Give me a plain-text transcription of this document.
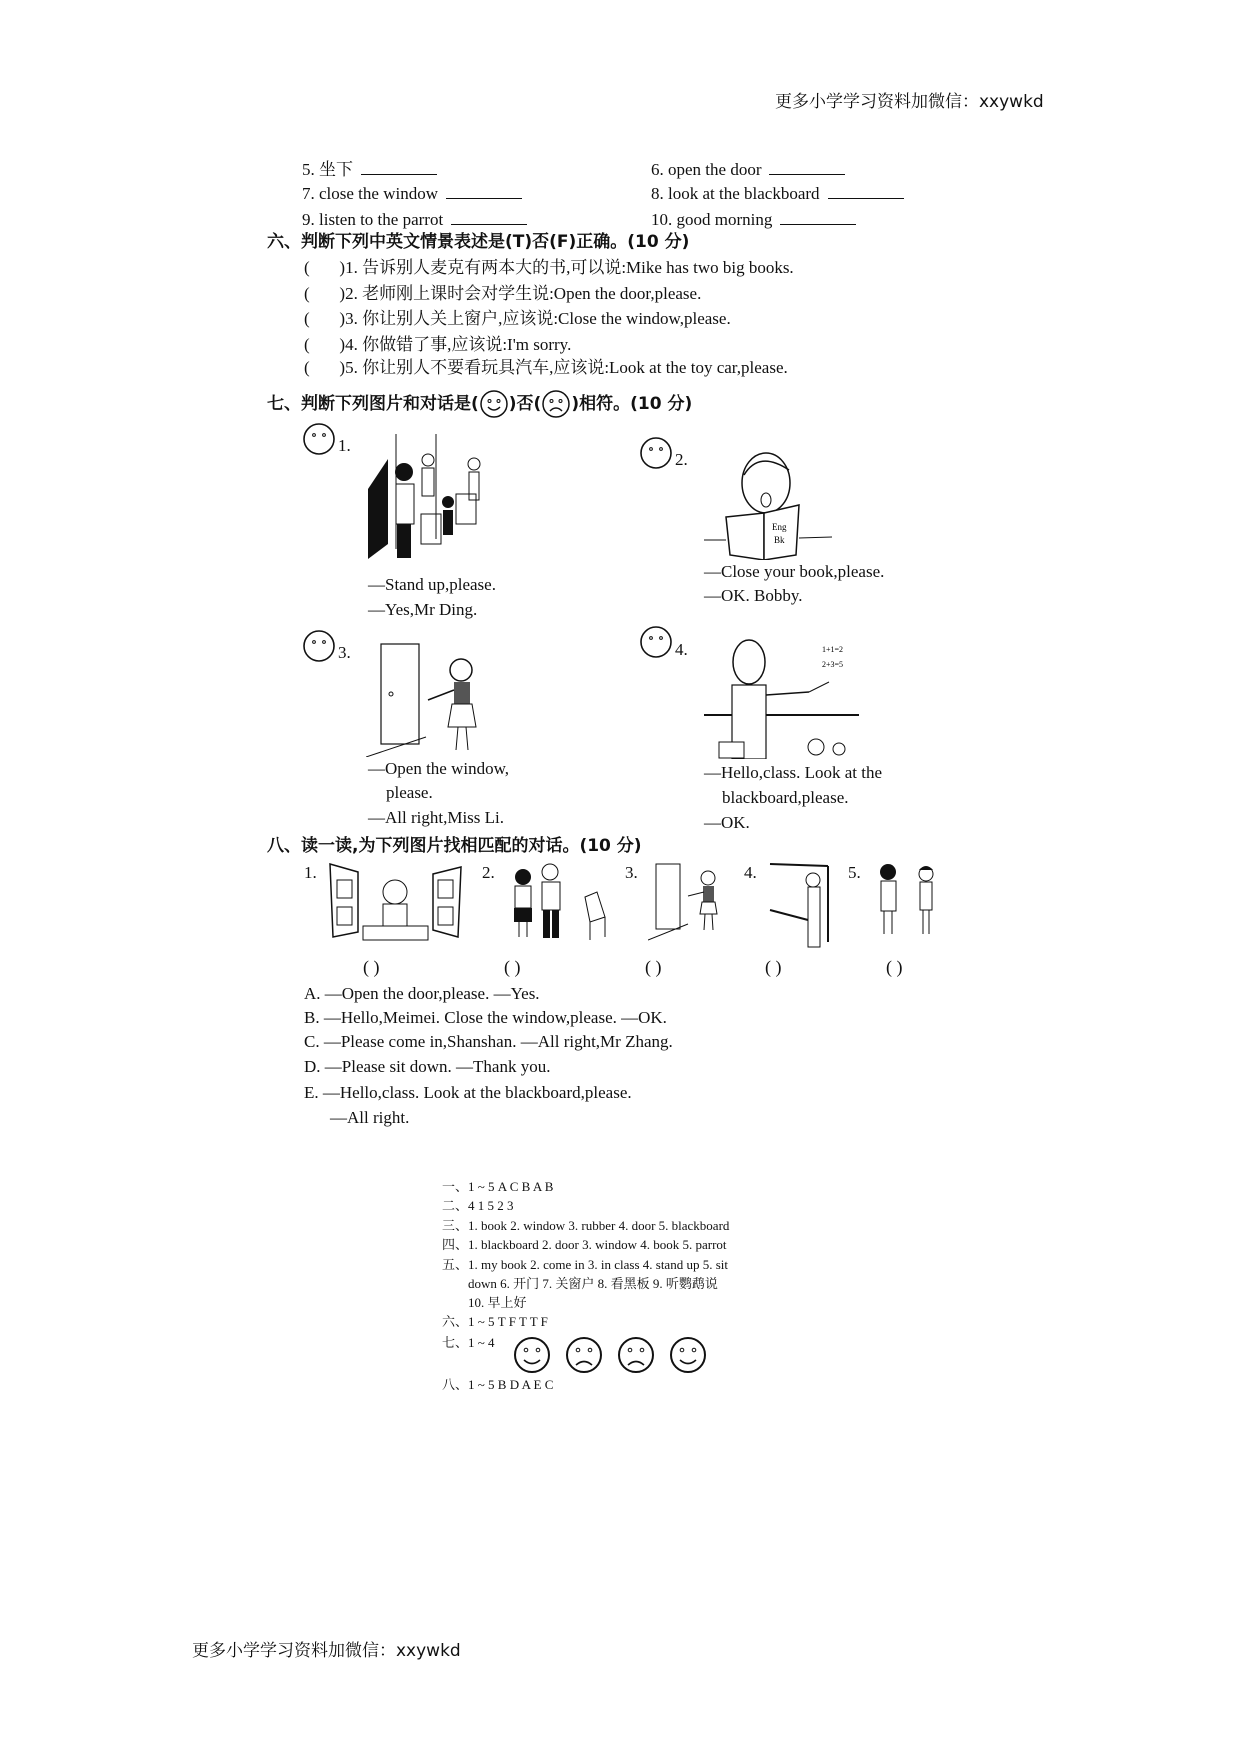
更多小学学习资料加微信：xxywkd
5. 坐下	6. open the door
7. close the window	8. look at the blackboard
9. listen to the parrot	10. good morning
六、判断下列中英文情景表述是(T)否(F)正确。(10 分)
(       )1. 告诉别人麦克有两本大的书,可以说:Mike has two big books.
(       )2. 老师刚上课时会对学生说:Open the door,please.
(       )3. 你让别人关上窗户,应该说:Close the window,please.
(       )4. 你做错了事,应该说:I'm sorry.
(       )5. 你让别人不要看玩具汽车,应该说:Look at the toy car,please.
七、判断下列图片和对话是( )否( )相符。(10 分)
1.
—Stand up,please.
—Yes,Mr Ding.
2.
Eng
Bk
—Close your book,please.
—OK. Bobby.
3.
—Open the window,
please.
—All right,Miss Li.
4.	1+1=2
2+3=5
—Hello,class. Look at the
blackboard,please.
—OK.
八、读一读,为下列图片找相匹配的对话。(10 分)
1.	2.	3.	4.	5.
( )	( )	( )	( )	( )
A. —Open the door,please. —Yes.
B. —Hello,Meimei. Close the window,please. —OK.
C. —Please come in,Shanshan. —All right,Mr Zhang.
D. —Please sit down. —Thank you.
E. —Hello,class. Look at the blackboard,please.
—All right.
一、1 ~ 5 A C B A B
二、4 1 5 2 3
三、1. book 2. window 3. rubber 4. door 5. blackboard
四、1. blackboard 2. door 3. window 4. book 5. parrot
五、1. my book 2. come in 3. in class 4. stand up 5. sit
down 6. 开门 7. 关窗户 8. 看黑板 9. 听鹦鹉说
10. 早上好
六、1 ~ 5 T F T T F
七、1 ~ 4
八、1 ~ 5 B D A E C
更多小学学习资料加微信：xxywkd
